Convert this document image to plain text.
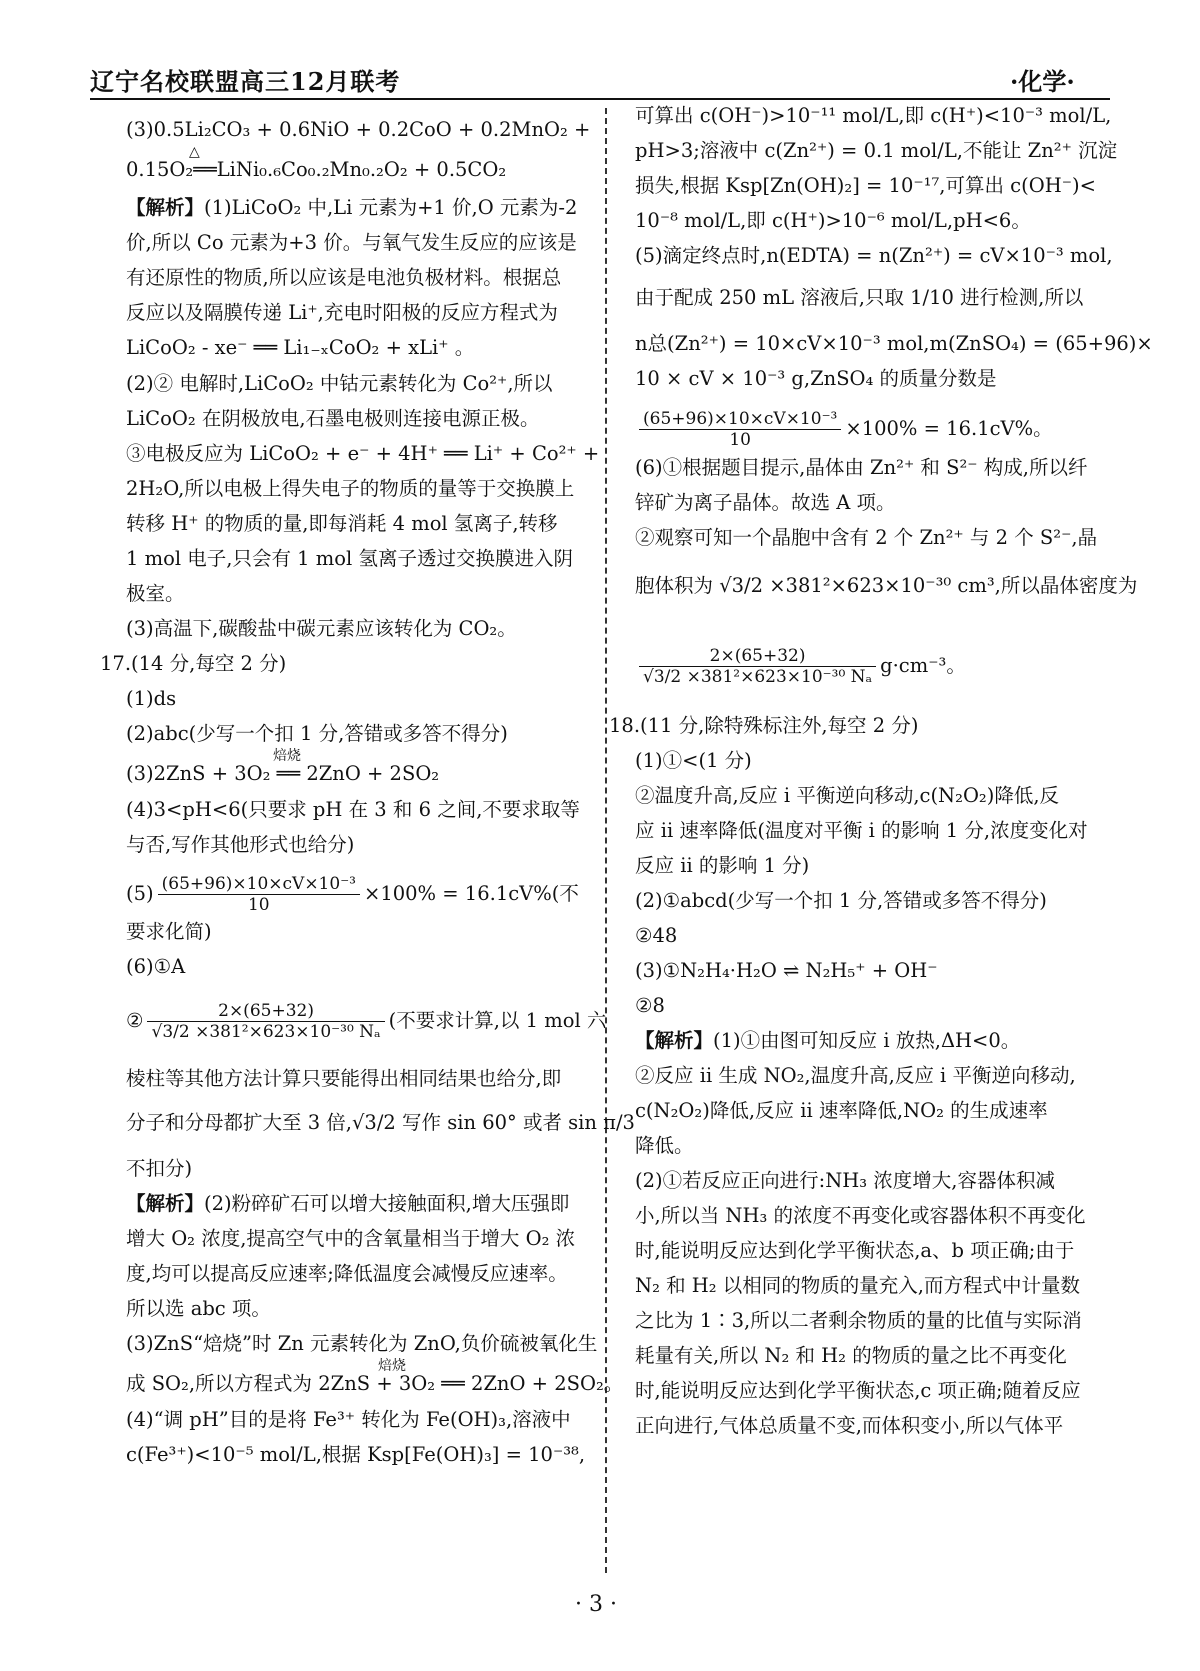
辽宁名校联盟高三12月联考	·化学·
(3)0.5Li₂CO₃ + 0.6NiO + 0.2CoO + 0.2MnO₂ +
0.15O₂══LiNi₀.₆Co₀.₂Mn₀.₂O₂ + 0.5CO₂
△
【解析】(1)LiCoO₂ 中,Li 元素为+1 价,O 元素为-2
价,所以 Co 元素为+3 价。与氧气发生反应的应该是
有还原性的物质,所以应该是电池负极材料。根据总
反应以及隔膜传递 Li⁺,充电时阳极的反应方程式为
LiCoO₂ - xe⁻ ══ Li₁₋ₓCoO₂ + xLi⁺ 。
(2)② 电解时,LiCoO₂ 中钴元素转化为 Co²⁺,所以
LiCoO₂ 在阴极放电,石墨电极则连接电源正极。
③电极反应为 LiCoO₂ + e⁻ + 4H⁺ ══ Li⁺ + Co²⁺ +
2H₂O,所以电极上得失电子的物质的量等于交换膜上
转移 H⁺ 的物质的量,即每消耗 4 mol 氢离子,转移
1 mol 电子,只会有 1 mol 氢离子透过交换膜进入阴
极室。
(3)高温下,碳酸盐中碳元素应该转化为 CO₂。
17.(14 分,每空 2 分)
(1)ds
(2)abc(少写一个扣 1 分,答错或多答不得分)
(3)2ZnS + 3O₂ ══ 2ZnO + 2SO₂
焙烧
(4)3<pH<6(只要求 pH 在 3 和 6 之间,不要求取等
与否,写作其他形式也给分)
$(5) \frac{\text{(65+96)×10×cV×10⁻³}}{10} \times 100\% = 16.1cV\%$(不
要求化简)
(6)①A
② $\frac{2\times(65+32)}{\text{√3/2 ×381²×623×10⁻³⁰ Nₐ}}$ (不要求计算,以 1 mol 六
棱柱等其他方法计算只要能得出相同结果也给分,即
分子和分母都扩大至 3 倍,√3/2 写作 sin 60° 或者 sin π/3
不扣分)
【解析】(2)粉碎矿石可以增大接触面积,增大压强即
增大 O₂ 浓度,提高空气中的含氧量相当于增大 O₂ 浓
度,均可以提高反应速率;降低温度会减慢反应速率。
所以选 abc 项。
(3)ZnS“焙烧”时 Zn 元素转化为 ZnO,负价硫被氧化生
成 SO₂,所以方程式为 2ZnS + 3O₂ ══ 2ZnO + 2SO₂。
焙烧
(4)“调 pH”目的是将 Fe³⁺ 转化为 Fe(OH)₃,溶液中
c(Fe³⁺)<10⁻⁵ mol/L,根据 Ksp[Fe(OH)₃] = 10⁻³⁸,
可算出 c(OH⁻)>10⁻¹¹ mol/L,即 c(H⁺)<10⁻³ mol/L,
pH>3;溶液中 c(Zn²⁺) = 0.1 mol/L,不能让 Zn²⁺ 沉淀
损失,根据 Ksp[Zn(OH)₂] = 10⁻¹⁷,可算出 c(OH⁻)<
10⁻⁸ mol/L,即 c(H⁺)>10⁻⁶ mol/L,pH<6。
(5)滴定终点时,n(EDTA) = n(Zn²⁺) = cV×10⁻³ mol,
由于配成 250 mL 溶液后,只取 1/10 进行检测,所以
n总(Zn²⁺) = 10×cV×10⁻³ mol,m(ZnSO₄) = (65+96)×
10 × cV × 10⁻³ g,ZnSO₄ 的质量分数是
$\frac{\text{(65+96)×10×cV×10⁻³}}{10} \times 100\% = 16.1cV\%$。
(6)①根据题目提示,晶体由 Zn²⁺ 和 S²⁻ 构成,所以纤
锌矿为离子晶体。故选 A 项。
②观察可知一个晶胞中含有 2 个 Zn²⁺ 与 2 个 S²⁻,晶
胞体积为 √3/2 ×381²×623×10⁻³⁰ cm³,所以晶体密度为
$\frac{2\times(65+32)}{\text{√3/2 ×381²×623×10⁻³⁰ Nₐ}} g\cdot cm^{-3}$。
18.(11 分,除特殊标注外,每空 2 分)
(1)①<(1 分)
②温度升高,反应 ⅰ 平衡逆向移动,c(N₂O₂)降低,反
应 ⅱ 速率降低(温度对平衡 ⅰ 的影响 1 分,浓度变化对
反应 ⅱ 的影响 1 分)
(2)①abcd(少写一个扣 1 分,答错或多答不得分)
②48
(3)①N₂H₄·H₂O ⇌ N₂H₅⁺ + OH⁻
②8
【解析】(1)①由图可知反应 ⅰ 放热,ΔH<0。
②反应 ⅱ 生成 NO₂,温度升高,反应 ⅰ 平衡逆向移动,
c(N₂O₂)降低,反应 ⅱ 速率降低,NO₂ 的生成速率
降低。
(2)①若反应正向进行:NH₃ 浓度增大,容器体积减
小,所以当 NH₃ 的浓度不再变化或容器体积不再变化
时,能说明反应达到化学平衡状态,a、b 项正确;由于
N₂ 和 H₂ 以相同的物质的量充入,而方程式中计量数
之比为 1∶3,所以二者剩余物质的量的比值与实际消
耗量有关,所以 N₂ 和 H₂ 的物质的量之比不再变化
时,能说明反应达到化学平衡状态,c 项正确;随着反应
正向进行,气体总质量不变,而体积变小,所以气体平
· 3 ·
